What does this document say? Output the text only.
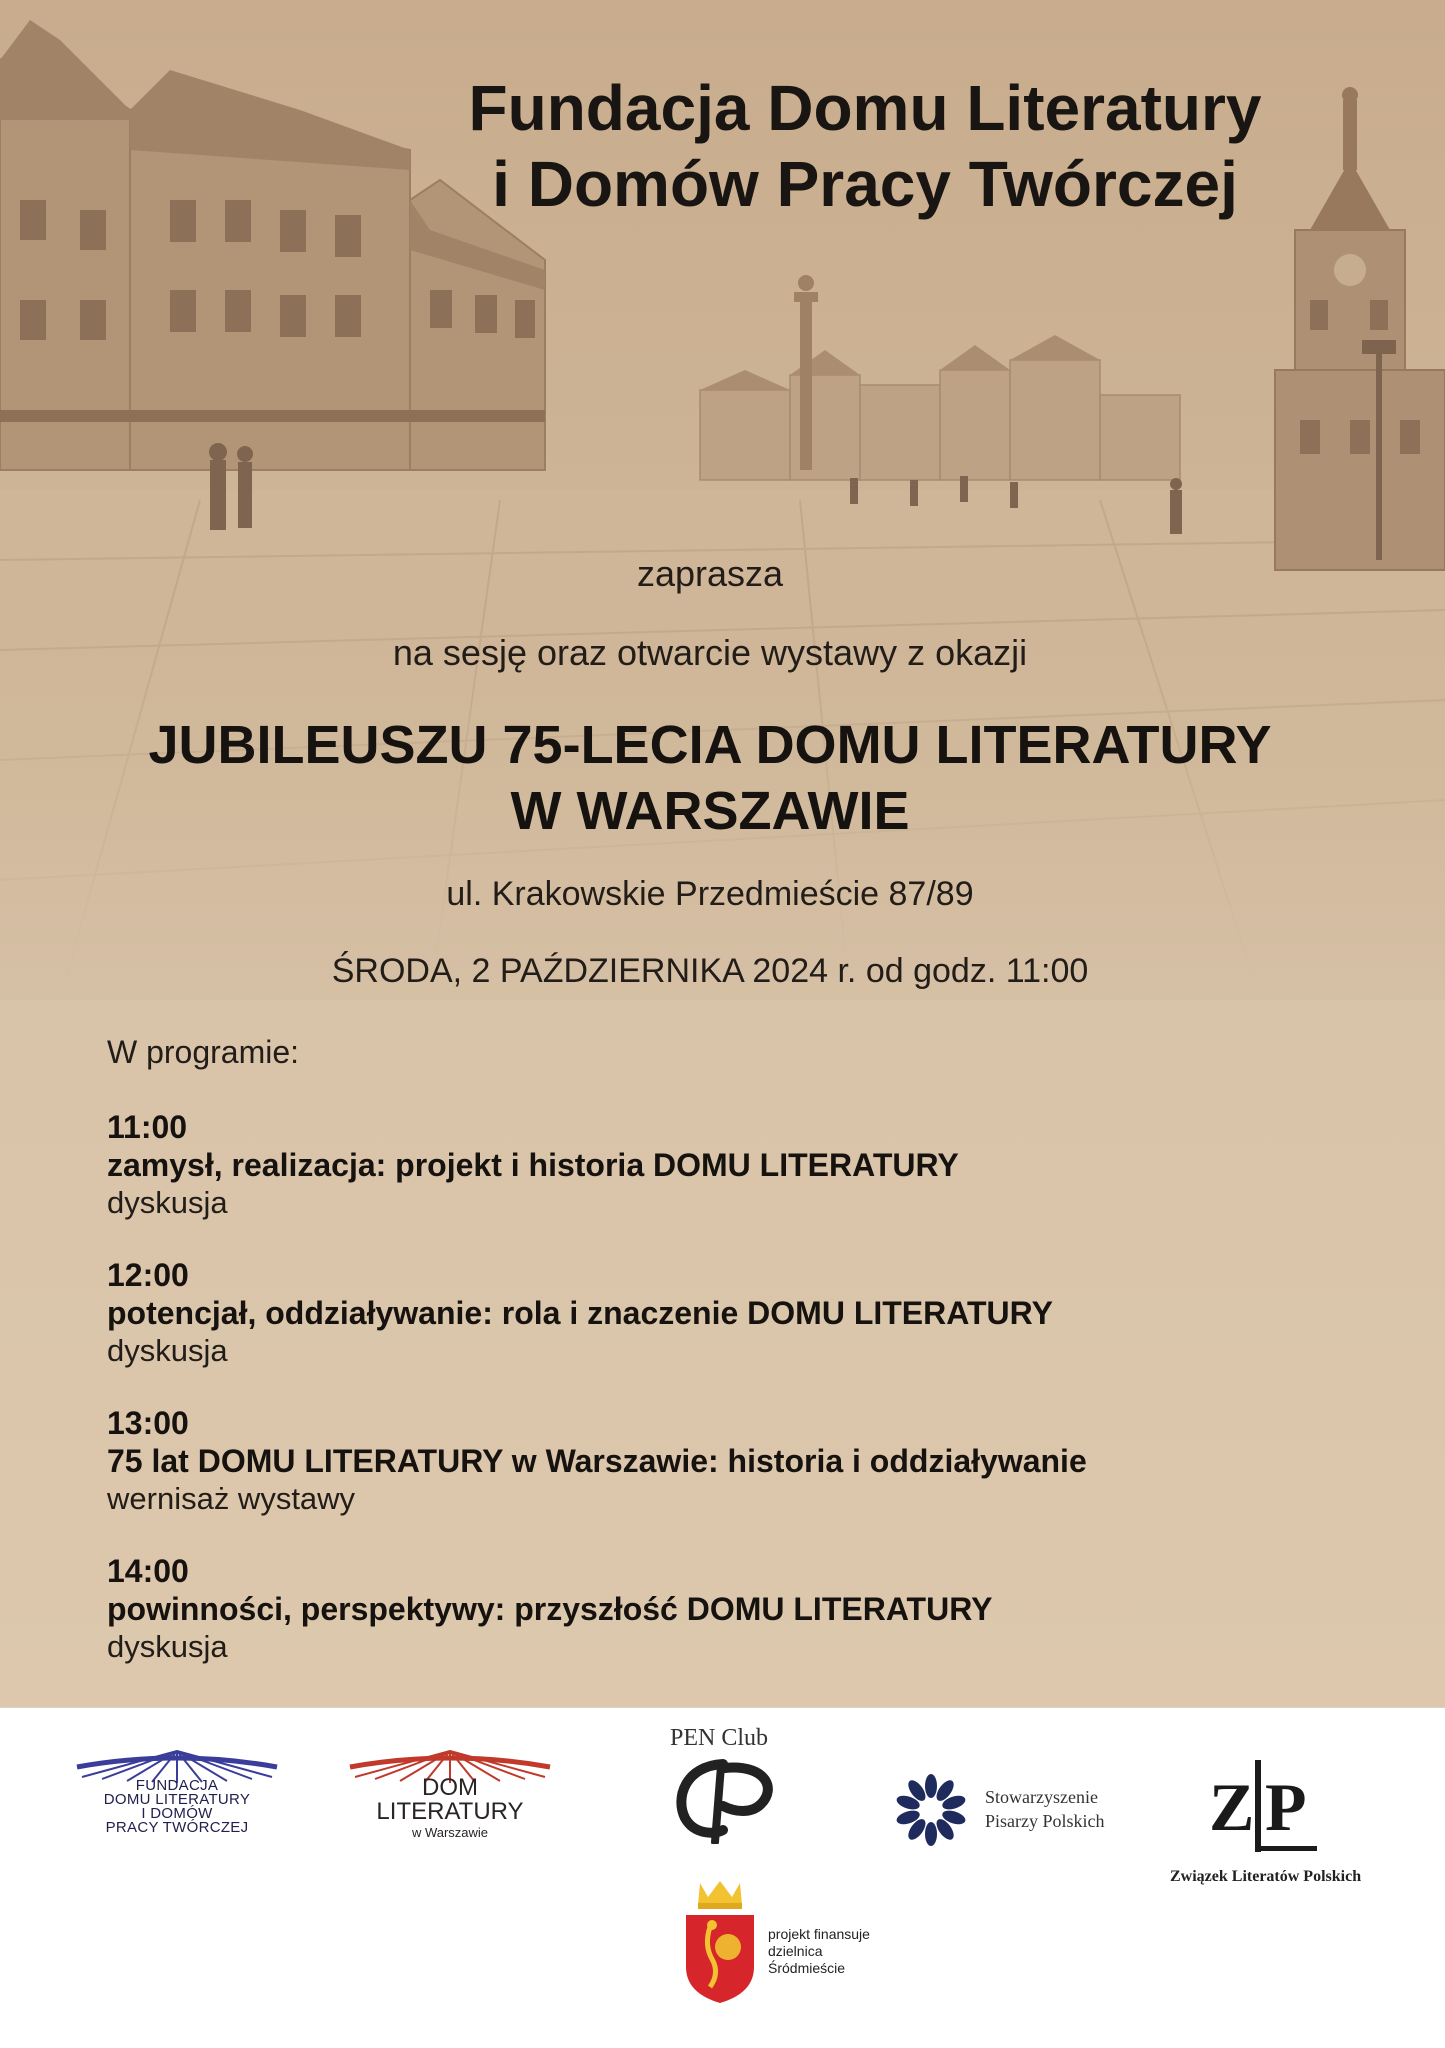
Fundacja Domu Literatury
i Domów Pracy Twórczej
zaprasza
na sesję oraz otwarcie wystawy z okazji
JUBILEUSZU 75-LECIA DOMU LITERATURY
W WARSZAWIE
ul. Krakowskie Przedmieście 87/89
ŚRODA, 2 PAŹDZIERNIKA 2024 r. od godz. 11:00
W programie:
11:00
zamysł, realizacja: projekt i historia DOMU LITERATURY
dyskusja
12:00
potencjał, oddziaływanie: rola i znaczenie DOMU LITERATURY
dyskusja
13:00
75 lat DOMU LITERATURY w Warszawie: historia i oddziaływanie
wernisaż wystawy
14:00
powinności, perspektywy: przyszłość DOMU LITERATURY
dyskusja
FUNDACJA
DOMU LITERATURY
I DOMÓW
PRACY TWÓRCZEJ
DOM
LITERATURY
w Warszawie
PEN Club
Stowarzyszenie
Pisarzy Polskich Z P
Związek Literatów Polskich
projekt finansuje
dzielnica
Śródmieście
